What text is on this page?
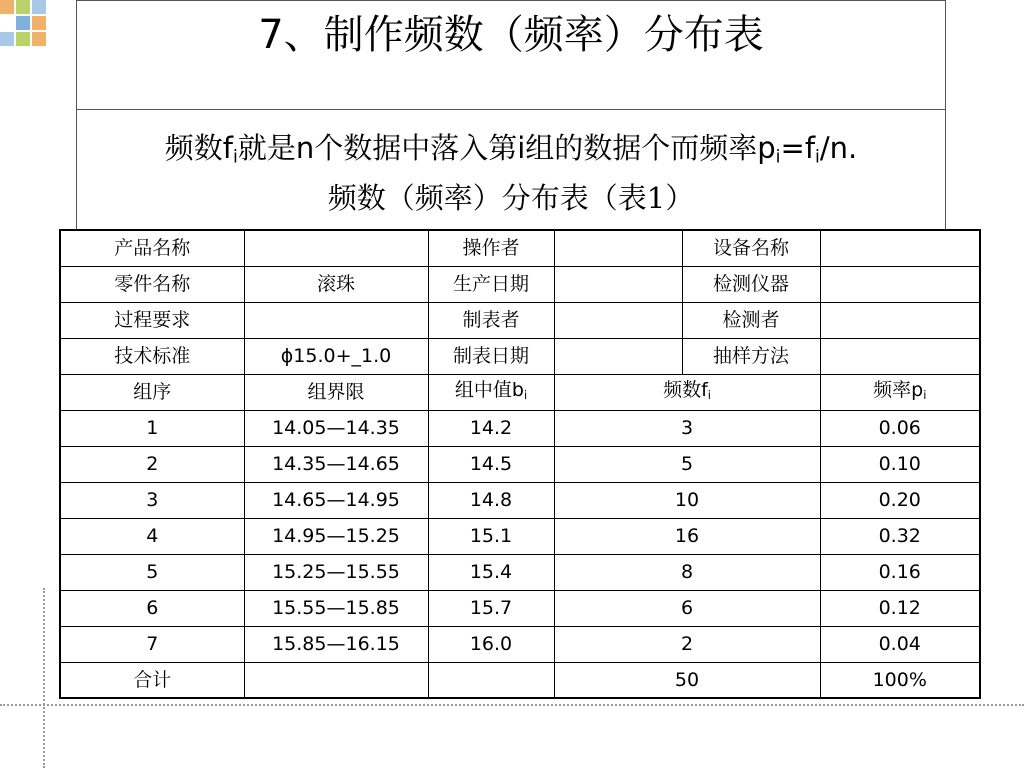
7、制作频数（频率）分布表
频数$f_i$就是n个数据中落入第i组的数据个而频率$p_i=f_i/n$.
频数（频率）分布表（表1）
产品名称		操作者		设备名称	
零件名称	滚珠	生产日期		检测仪器	
过程要求		制表者		检测者	
技术标准	ϕ15.0+_1.0	制表日期		抽样方法	
组序	组界限	组中值$b_i$	频数$f_i$		频率$p_i$
1	14.05—14.35	14.2	3		0.06
2	14.35—14.65	14.5	5		0.10
3	14.65—14.95	14.8	10		0.20
4	14.95—15.25	15.1	16		0.32
5	15.25—15.55	15.4	8		0.16
6	15.55—15.85	15.7	6		0.12
7	15.85—16.15	16.0	2		0.04
合计			50		100%
